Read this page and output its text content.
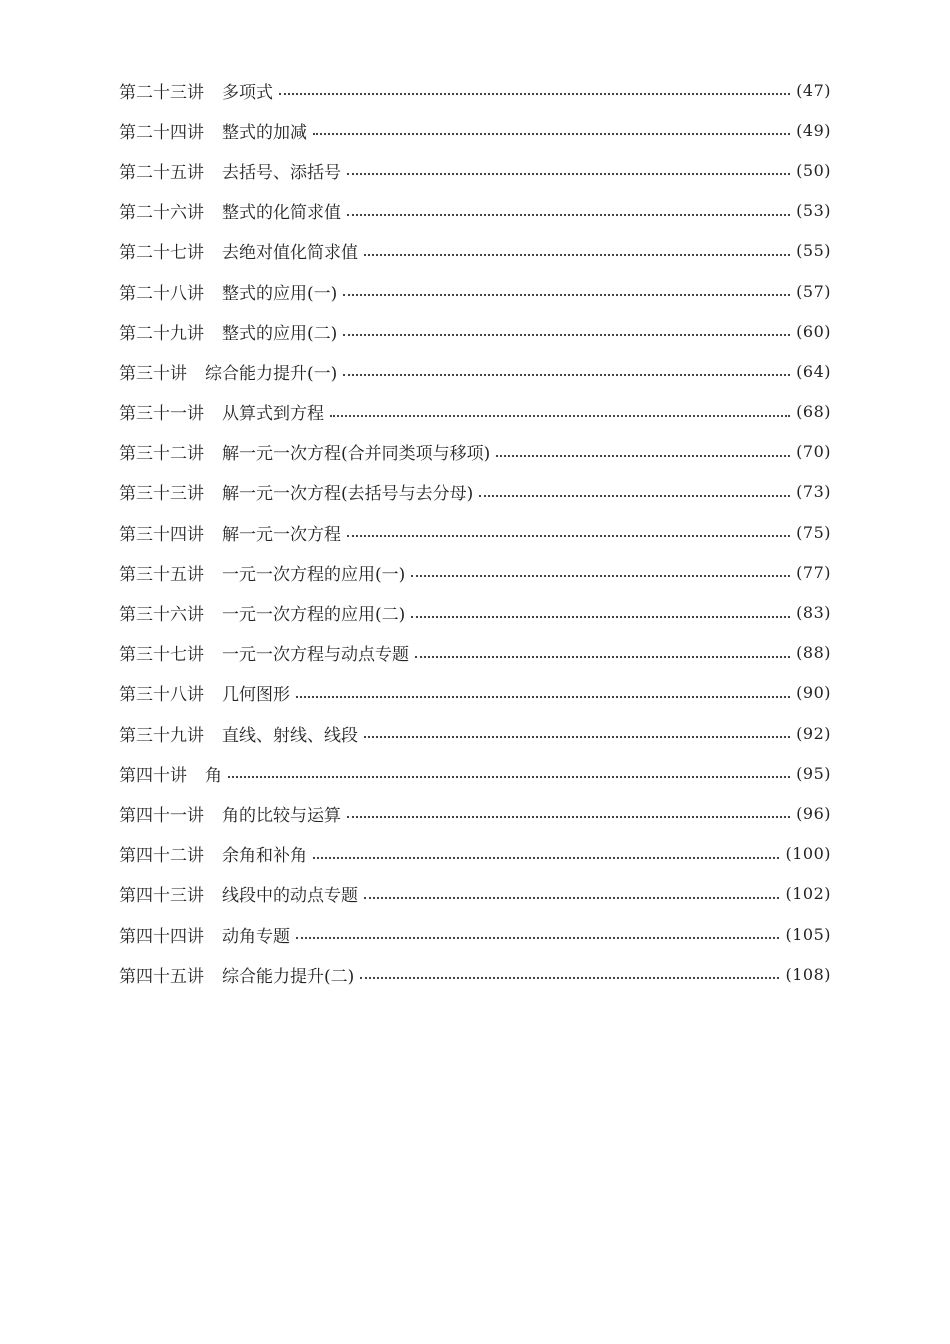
第二十三讲 多项式	(47)
第二十四讲 整式的加减	(49)
第二十五讲 去括号、添括号	(50)
第二十六讲 整式的化简求值	(53)
第二十七讲 去绝对值化简求值	(55)
第二十八讲 整式的应用(一)	(57)
第二十九讲 整式的应用(二)	(60)
第三十讲 综合能力提升(一)	(64)
第三十一讲 从算式到方程	(68)
第三十二讲 解一元一次方程(合并同类项与移项)	(70)
第三十三讲 解一元一次方程(去括号与去分母)	(73)
第三十四讲 解一元一次方程	(75)
第三十五讲 一元一次方程的应用(一)	(77)
第三十六讲 一元一次方程的应用(二)	(83)
第三十七讲 一元一次方程与动点专题	(88)
第三十八讲 几何图形	(90)
第三十九讲 直线、射线、线段	(92)
第四十讲 角	(95)
第四十一讲 角的比较与运算	(96)
第四十二讲 余角和补角	(100)
第四十三讲 线段中的动点专题	(102)
第四十四讲 动角专题	(105)
第四十五讲 综合能力提升(二)	(108)
